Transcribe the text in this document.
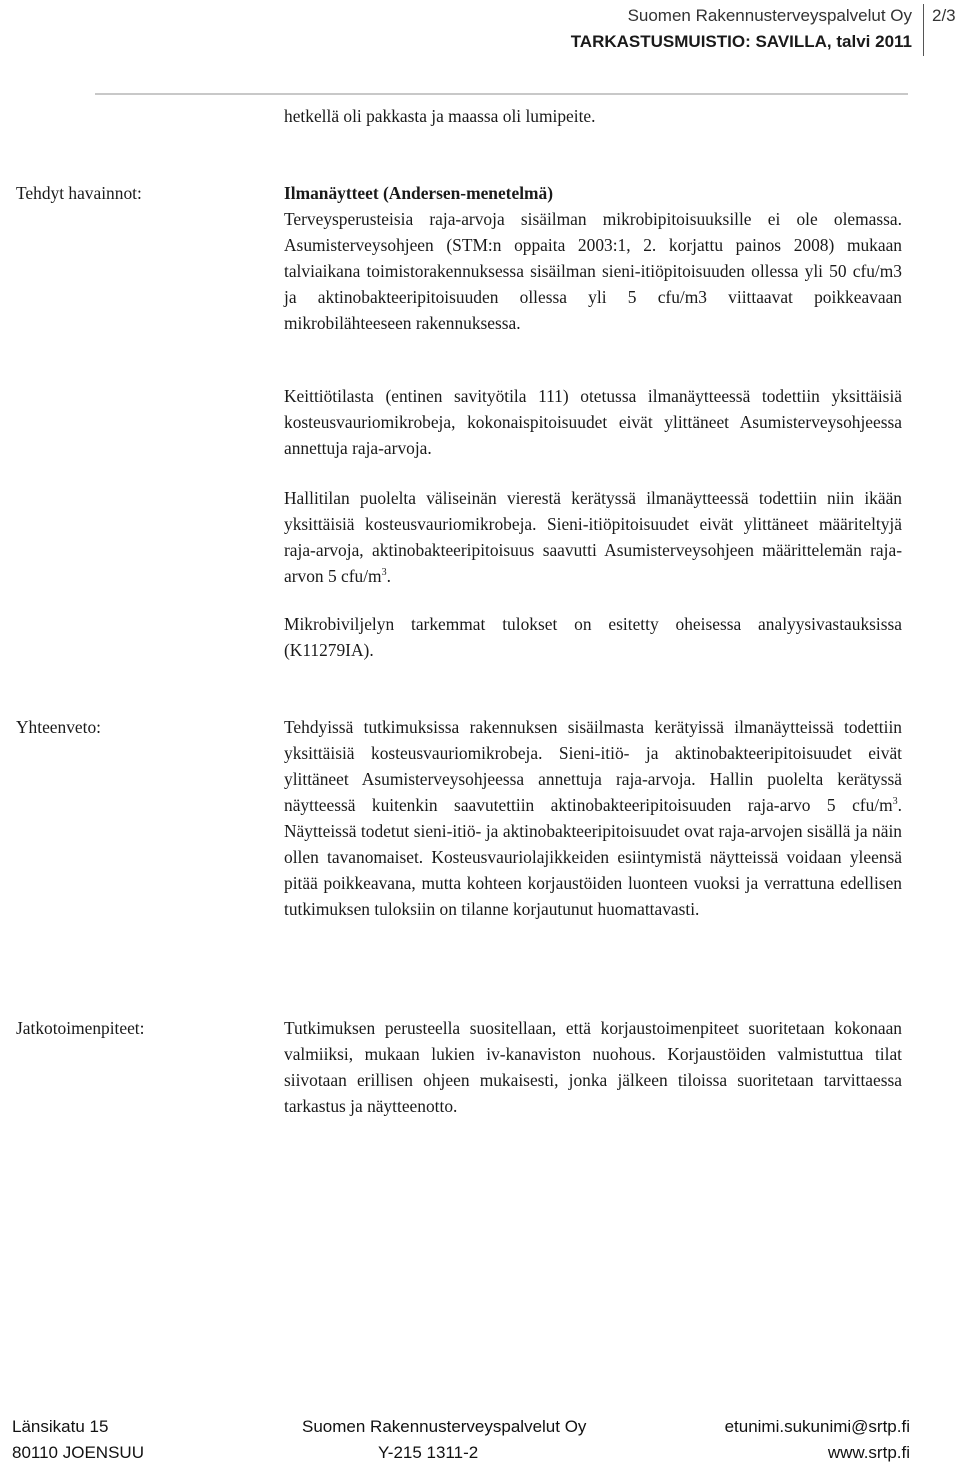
Suomen Rakennusterveyspalvelut Oy
TARKASTUSMUISTIO: SAVILLA, talvi 2011
2/3
hetkellä oli pakkasta ja maassa oli lumipeite.
Tehdyt havainnot:	Ilmanäytteet (Andersen-menetelmä)
Terveysperusteisia raja-arvoja sisäilman mikrobipitoisuuksille ei ole olemassa. Asumisterveysohjeen (STM:n oppaita 2003:1, 2. korjattu painos 2008) mukaan talviaikana toimistorakennuksessa sisäilman sieni-itiöpitoisuuden ollessa yli 50 cfu/m3 ja aktinobakteeripitoisuuden ollessa yli 5 cfu/m3 viittaavat poikkeavaan mikrobilähteeseen rakennuksessa.
Keittiötilasta (entinen savityötila 111) otetussa ilmanäytteessä todettiin yksittäisiä kosteusvauriomikrobeja, kokonaispitoisuudet eivät ylittäneet Asumisterveysohjeessa annettuja raja-arvoja.
Hallitilan puolelta väliseinän vierestä kerätyssä ilmanäytteessä todettiin niin ikään yksittäisiä kosteusvauriomikrobeja. Sieni-itiöpitoisuudet eivät ylittäneet määriteltyjä raja-arvoja, aktinobakteeripitoisuus saavutti Asumisterveysohjeen määrittelemän raja-arvon 5 cfu/$m^3$.
Mikrobiviljelyn tarkemmat tulokset on esitetty oheisessa analyysivastauksissa (K11279IA).
Yhteenveto:	Tehdyissä tutkimuksissa rakennuksen sisäilmasta kerätyissä ilmanäytteissä todettiin yksittäisiä kosteusvauriomikrobeja. Sieni-itiö- ja aktinobakteeripitoisuudet eivät ylittäneet Asumisterveysohjeessa annettuja raja-arvoja. Hallin puolelta kerätyssä näytteessä kuitenkin saavutettiin aktinobakteeripitoisuuden raja-arvo 5 cfu/$m^3$. Näytteissä todetut sieni-itiö- ja aktinobakteeripitoisuudet ovat raja-arvojen sisällä ja näin ollen tavanomaiset. Kosteusvauriolajikkeiden esiintymistä näytteissä voidaan yleensä pitää poikkeavana, mutta kohteen korjaustöiden luonteen vuoksi ja verrattuna edellisen tutkimuksen tuloksiin on tilanne korjautunut huomattavasti.
Jatkotoimenpiteet:	Tutkimuksen perusteella suositellaan, että korjaustoimenpiteet suoritetaan kokonaan valmiiksi, mukaan lukien iv-kanaviston nuohous. Korjaustöiden valmistuttua tilat siivotaan erillisen ohjeen mukaisesti, jonka jälkeen tiloissa suoritetaan tarvittaessa tarkastus ja näytteenotto.
Länsikatu 15
80110 JOENSUU
Suomen Rakennusterveyspalvelut Oy
Y-215 1311-2
etunimi.sukunimi@srtp.fi
www.srtp.fi
